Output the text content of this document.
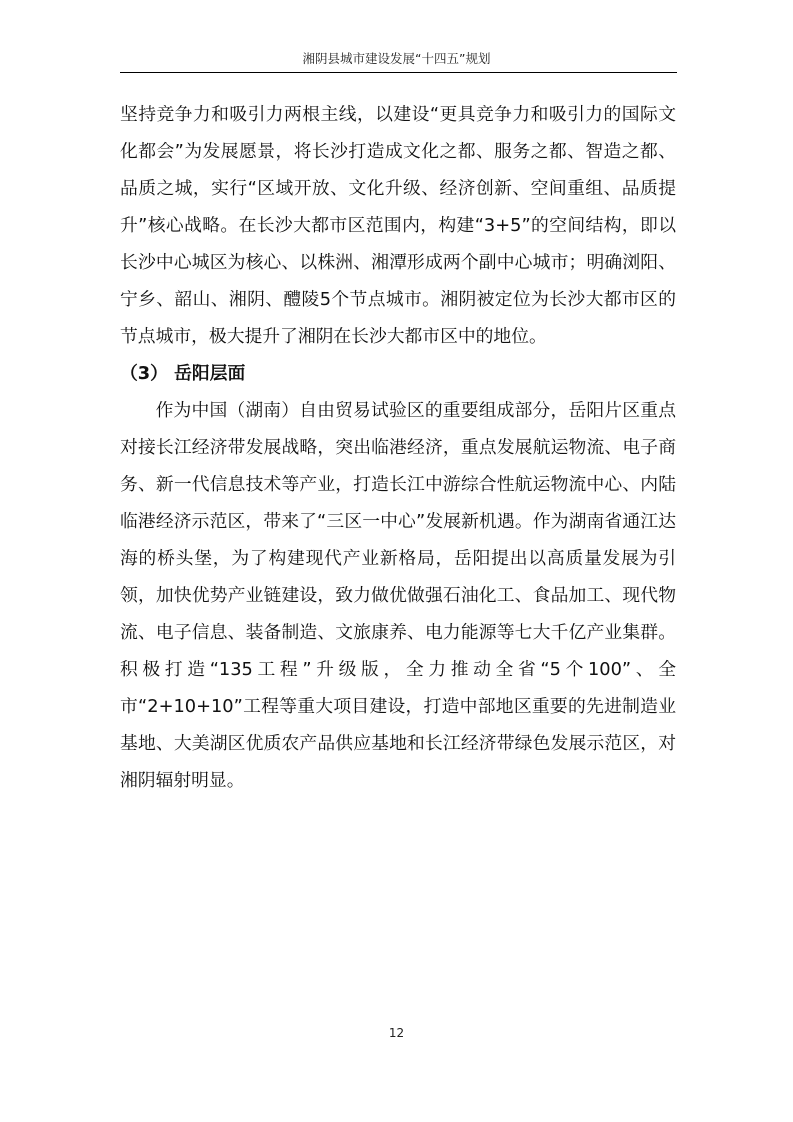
湘阴县城市建设发展“十四五”规划

坚持竞争力和吸引力两根主线，以建设“更具竞争力和吸引力的国际文化都会”为发展愿景，将长沙打造成文化之都、服务之都、智造之都、品质之城，实行“区域开放、文化升级、经济创新、空间重组、品质提升”核心战略。在长沙大都市区范围内，构建“3+5”的空间结构，即以长沙中心城区为核心、以株洲、湘潭形成两个副中心城市；明确浏阳、宁乡、韶山、湘阴、醴陵5个节点城市。湘阴被定位为长沙大都市区的节点城市，极大提升了湘阴在长沙大都市区中的地位。

（3） 岳阳层面

作为中国（湖南）自由贸易试验区的重要组成部分，岳阳片区重点对接长江经济带发展战略，突出临港经济，重点发展航运物流、电子商务、新一代信息技术等产业，打造长江中游综合性航运物流中心、内陆临港经济示范区，带来了“三区一中心”发展新机遇。作为湖南省通江达海的桥头堡，为了构建现代产业新格局，岳阳提出以高质量发展为引领，加快优势产业链建设，致力做优做强石油化工、食品加工、现代物流、电子信息、装备制造、文旅康养、电力能源等七大千亿产业集群。积极打造“135工程”升级版，全力推动全省“5个100”、全市“2+10+10”工程等重大项目建设，打造中部地区重要的先进制造业基地、大美湖区优质农产品供应基地和长江经济带绿色发展示范区，对湘阴辐射明显。

12
